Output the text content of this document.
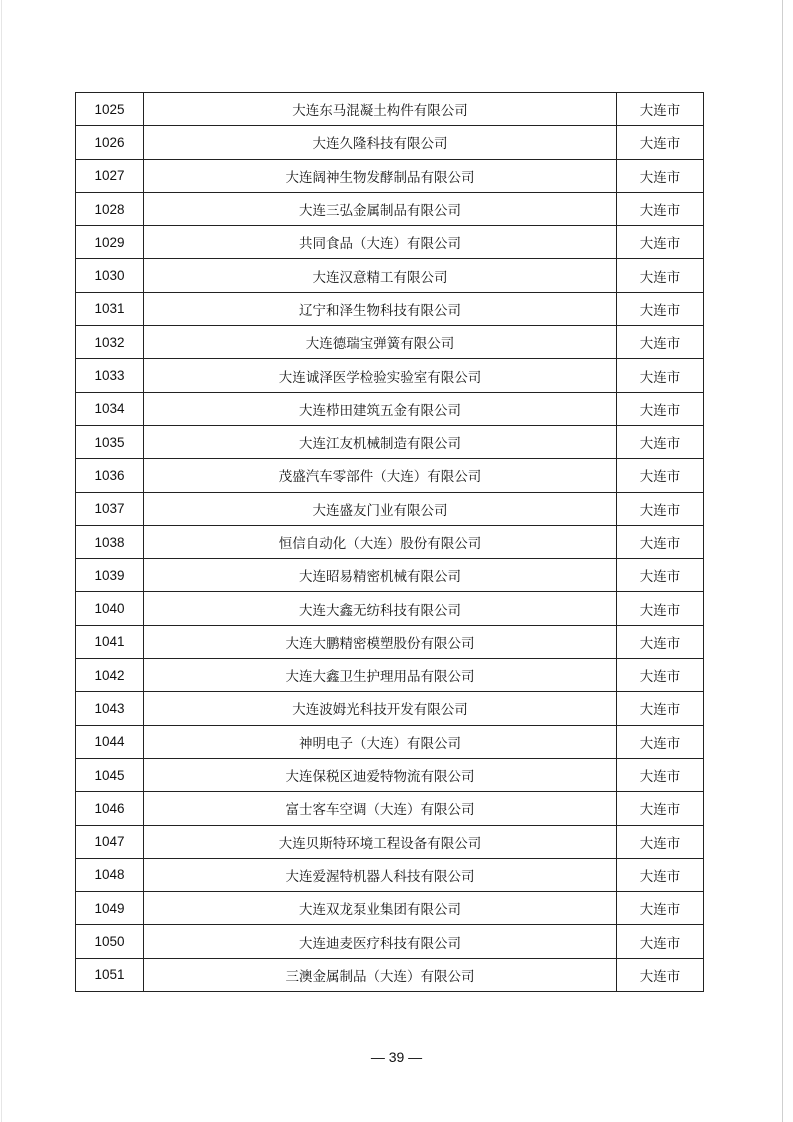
1025	大连东马混凝土构件有限公司	大连市
1026	大连久隆科技有限公司	大连市
1027	大连阔神生物发酵制品有限公司	大连市
1028	大连三弘金属制品有限公司	大连市
1029	共同食品（大连）有限公司	大连市
1030	大连汉意精工有限公司	大连市
1031	辽宁和泽生物科技有限公司	大连市
1032	大连德瑞宝弹簧有限公司	大连市
1033	大连诚泽医学检验实验室有限公司	大连市
1034	大连栉田建筑五金有限公司	大连市
1035	大连江友机械制造有限公司	大连市
1036	茂盛汽车零部件（大连）有限公司	大连市
1037	大连盛友门业有限公司	大连市
1038	恒信自动化（大连）股份有限公司	大连市
1039	大连昭易精密机械有限公司	大连市
1040	大连大鑫无纺科技有限公司	大连市
1041	大连大鹏精密模塑股份有限公司	大连市
1042	大连大鑫卫生护理用品有限公司	大连市
1043	大连波姆光科技开发有限公司	大连市
1044	神明电子（大连）有限公司	大连市
1045	大连保税区迪爱特物流有限公司	大连市
1046	富士客车空调（大连）有限公司	大连市
1047	大连贝斯特环境工程设备有限公司	大连市
1048	大连爱渥特机器人科技有限公司	大连市
1049	大连双龙泵业集团有限公司	大连市
1050	大连迪麦医疗科技有限公司	大连市
1051	三澳金属制品（大连）有限公司	大连市
— 39 —
